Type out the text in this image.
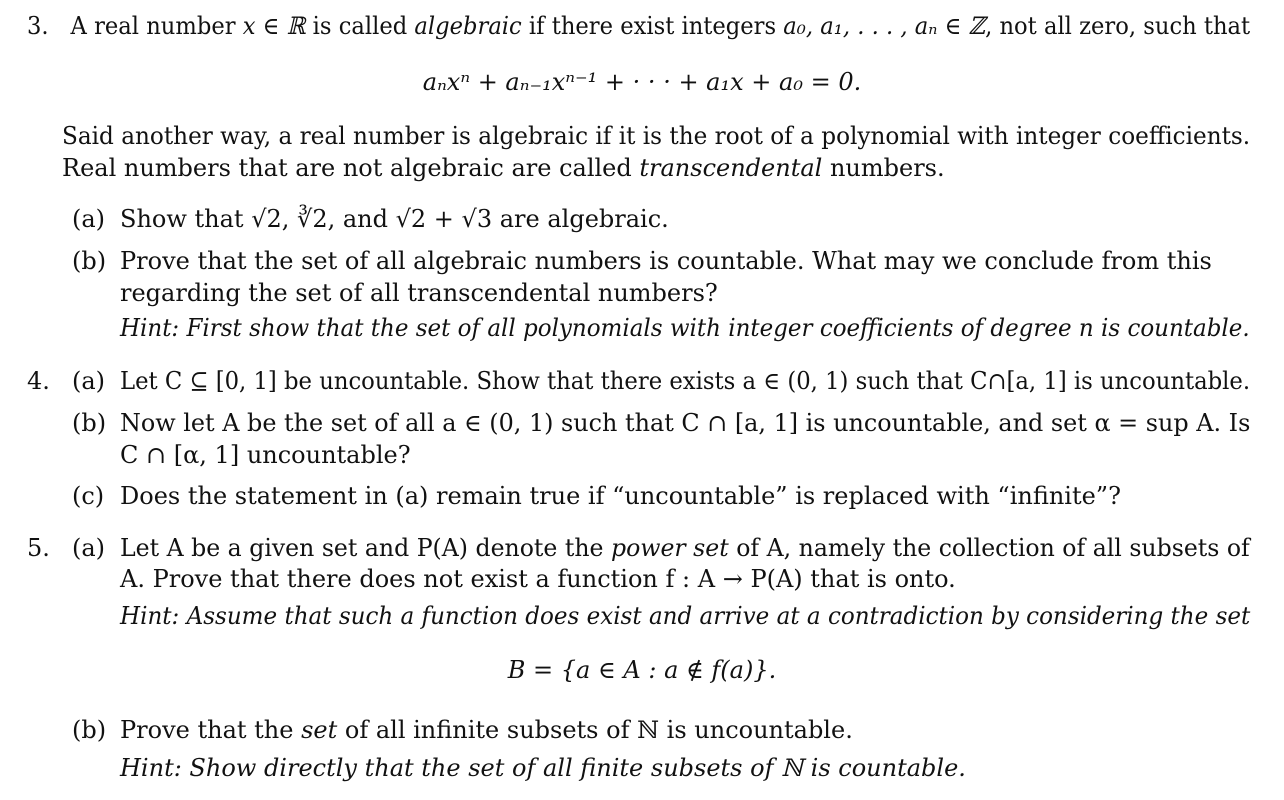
3. A real number x ∈ ℝ is called algebraic if there exist integers a₀, a₁, . . . , aₙ ∈ ℤ, not all zero, such that
aₙxⁿ + aₙ₋₁xⁿ⁻¹ + · · · + a₁x + a₀ = 0.
Said another way, a real number is algebraic if it is the root of a polynomial with integer coefficients.
Real numbers that are not algebraic are called transcendental numbers.
(a) Show that √2, ∛2, and √2 + √3 are algebraic.
(b) Prove that the set of all algebraic numbers is countable. What may we conclude from this
regarding the set of all transcendental numbers?
Hint: First show that the set of all polynomials with integer coefficients of degree n is countable.
4. (a) Let C ⊆ [0, 1] be uncountable. Show that there exists a ∈ (0, 1) such that C∩[a, 1] is uncountable.
(b) Now let A be the set of all a ∈ (0, 1) such that C ∩ [a, 1] is uncountable, and set α = sup A. Is
C ∩ [α, 1] uncountable?
(c) Does the statement in (a) remain true if “uncountable” is replaced with “infinite”?
5. (a) Let A be a given set and P(A) denote the power set of A, namely the collection of all subsets of
A. Prove that there does not exist a function f : A → P(A) that is onto.
Hint: Assume that such a function does exist and arrive at a contradiction by considering the set
B = {a ∈ A : a ∉ f(a)}.
(b) Prove that the set of all infinite subsets of ℕ is uncountable.
Hint: Show directly that the set of all finite subsets of ℕ is countable.
